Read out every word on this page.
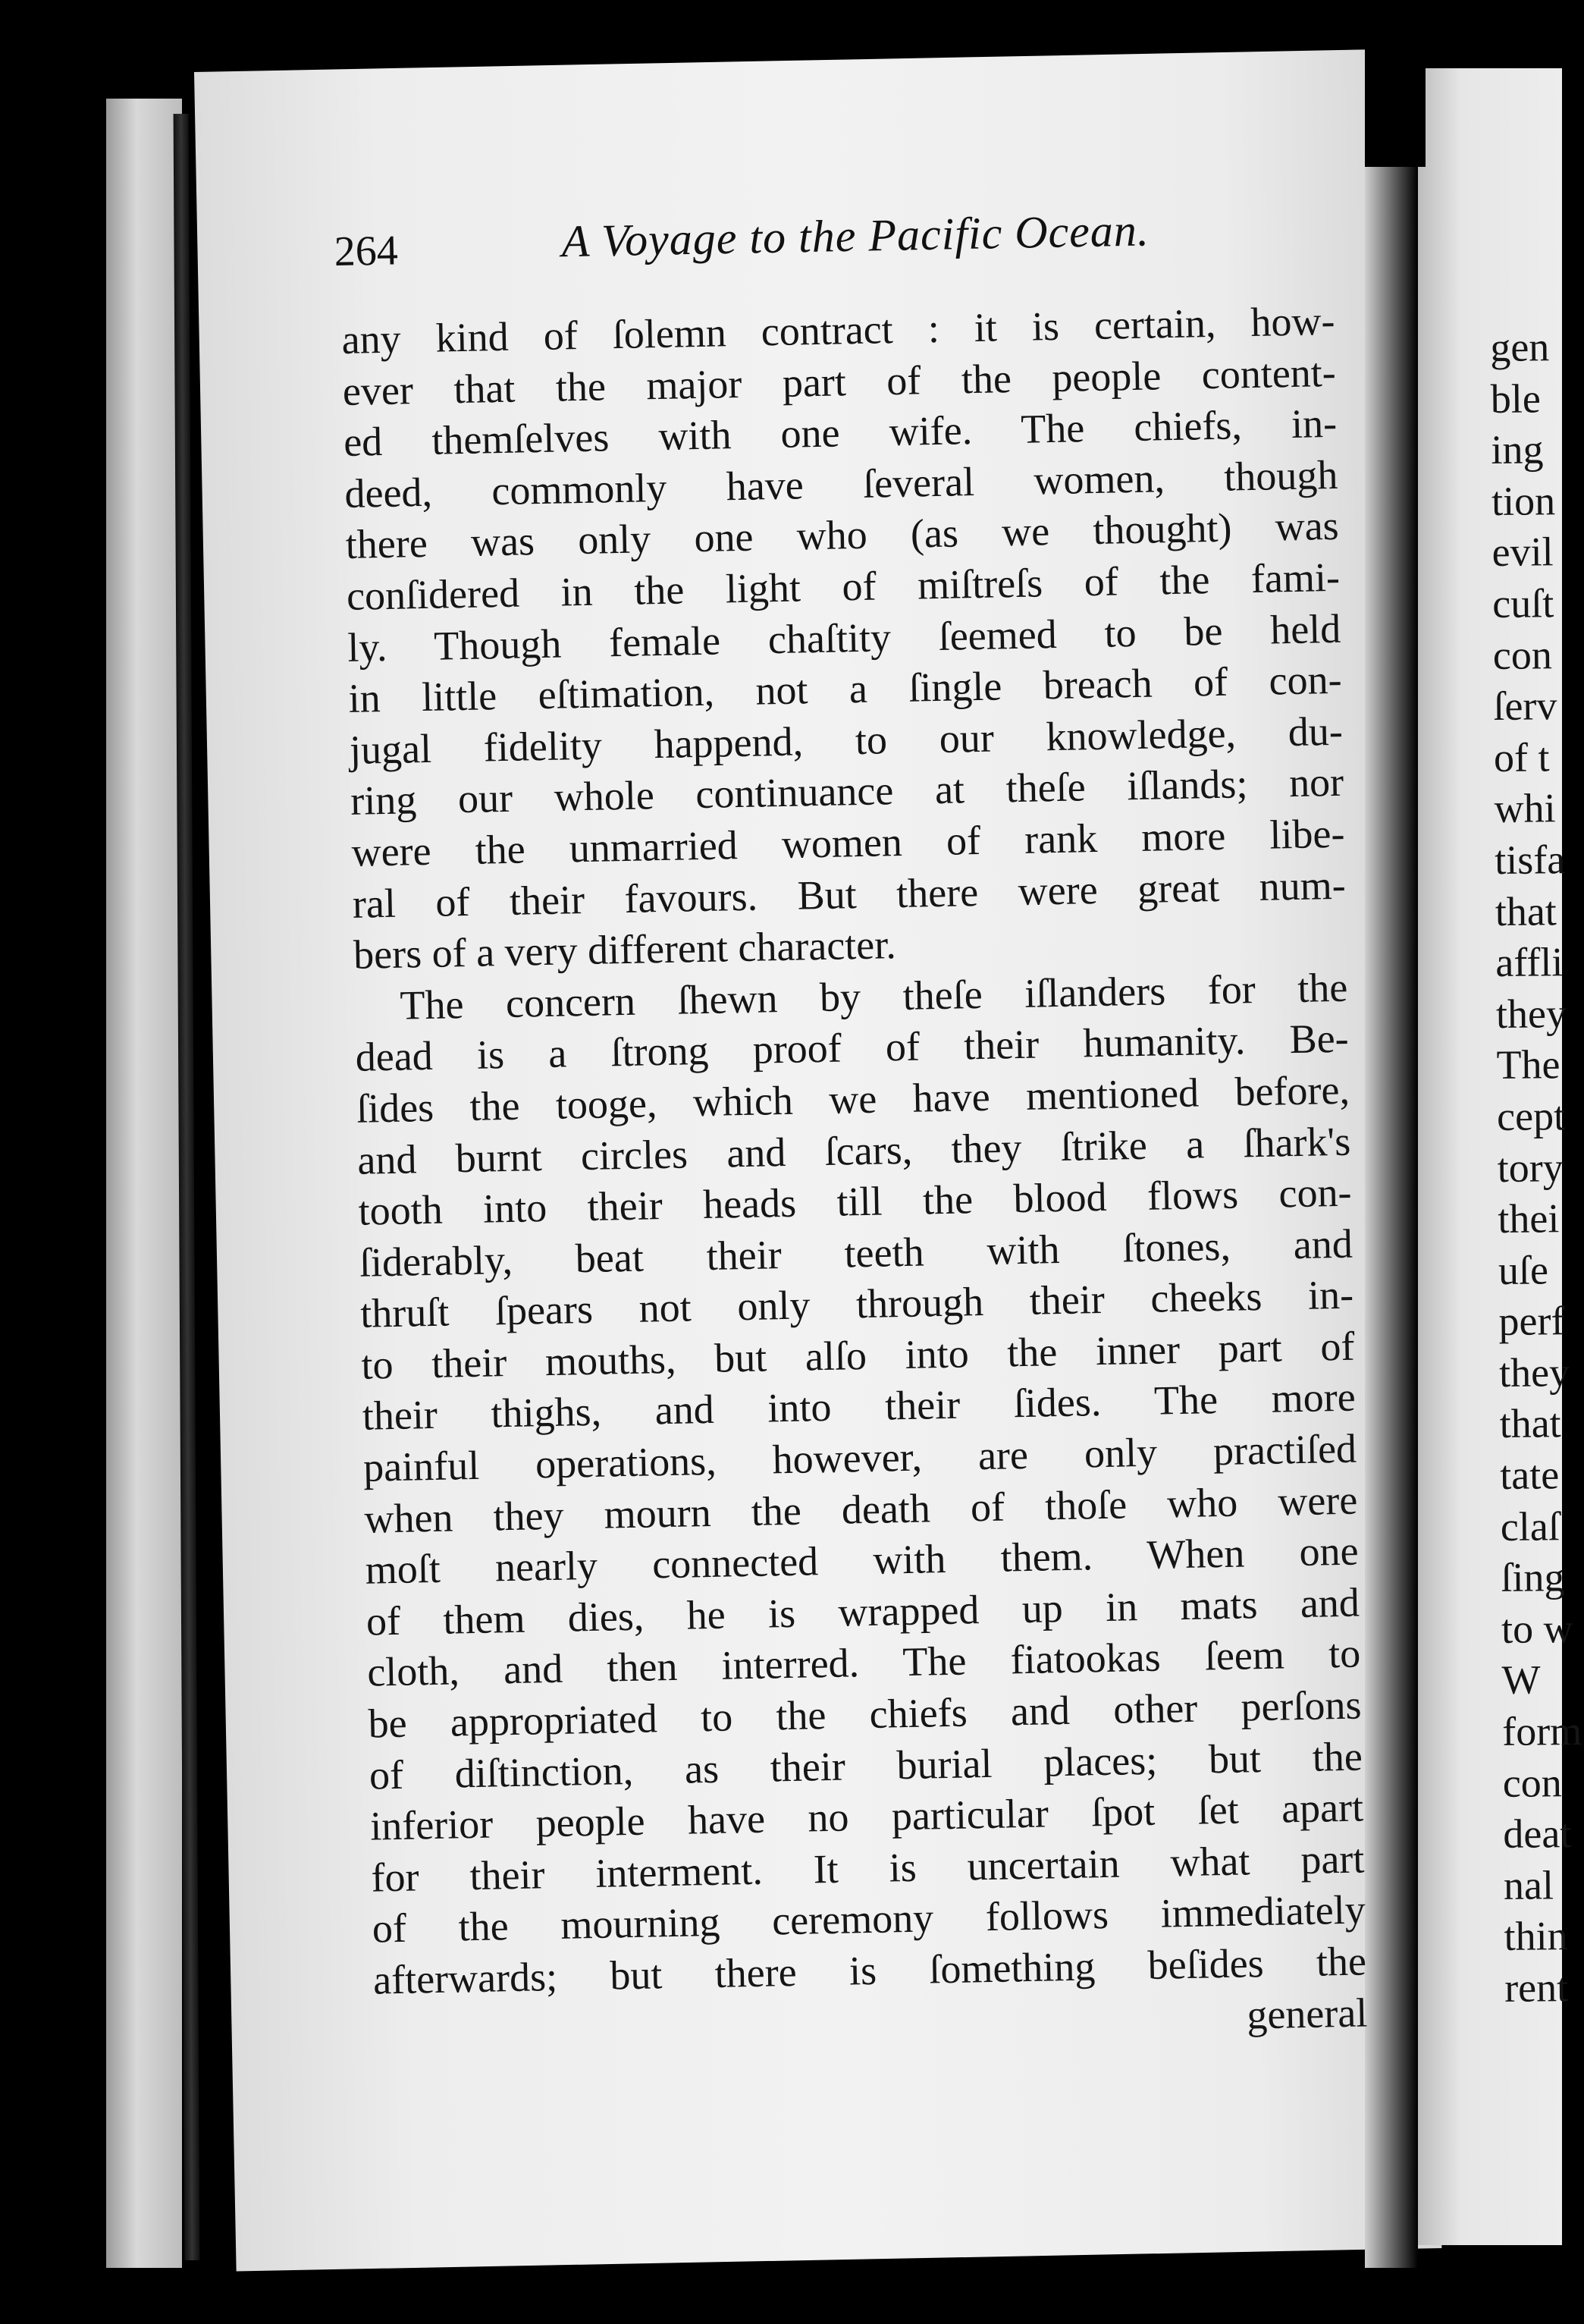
264	A Voyage to the Pacific Ocean.
any kind of ſolemn contract : it is certain, how-
ever that the major part of the people content-
ed themſelves with one wife. The chiefs, in-
deed, commonly have ſeveral women, though
there was only one who (as we thought) was
conſidered in the light of miſtreſs of the fami-
ly. Though female chaſtity ſeemed to be held
in little eſtimation, not a ſingle breach of con-
jugal fidelity happend, to our knowledge, du-
ring our whole continuance at theſe iſlands; nor
were the unmarried women of rank more libe-
ral of their favours. But there were great num-
bers of a very different character.
The concern ſhewn by theſe iſlanders for the
dead is a ſtrong proof of their humanity. Be-
ſides the tooge, which we have mentioned before,
and burnt circles and ſcars, they ſtrike a ſhark's
tooth into their heads till the blood flows con-
ſiderably, beat their teeth with ſtones, and
thruſt ſpears not only through their cheeks in-
to their mouths, but alſo into the inner part of
their thighs, and into their ſides. The more
painful operations, however, are only practiſed
when they mourn the death of thoſe who were
moſt nearly connected with them. When one
of them dies, he is wrapped up in mats and
cloth, and then interred. The fiatookas ſeem to
be appropriated to the chiefs and other perſons
of diſtinction, as their burial places; but the
inferior people have no particular ſpot ſet apart
for their interment. It is uncertain what part
of the mourning ceremony follows immediately
afterwards; but there is ſomething beſides the
general
gen
ble
ing
tion
evil
cuſt
con
ſerv
of t
whi
tisfa
that
affli
they
The
cept
tory
thei
uſe
perf
they
that
tate
claſ
ſing
to w
W
form
con
deat
nal
thin
rent
